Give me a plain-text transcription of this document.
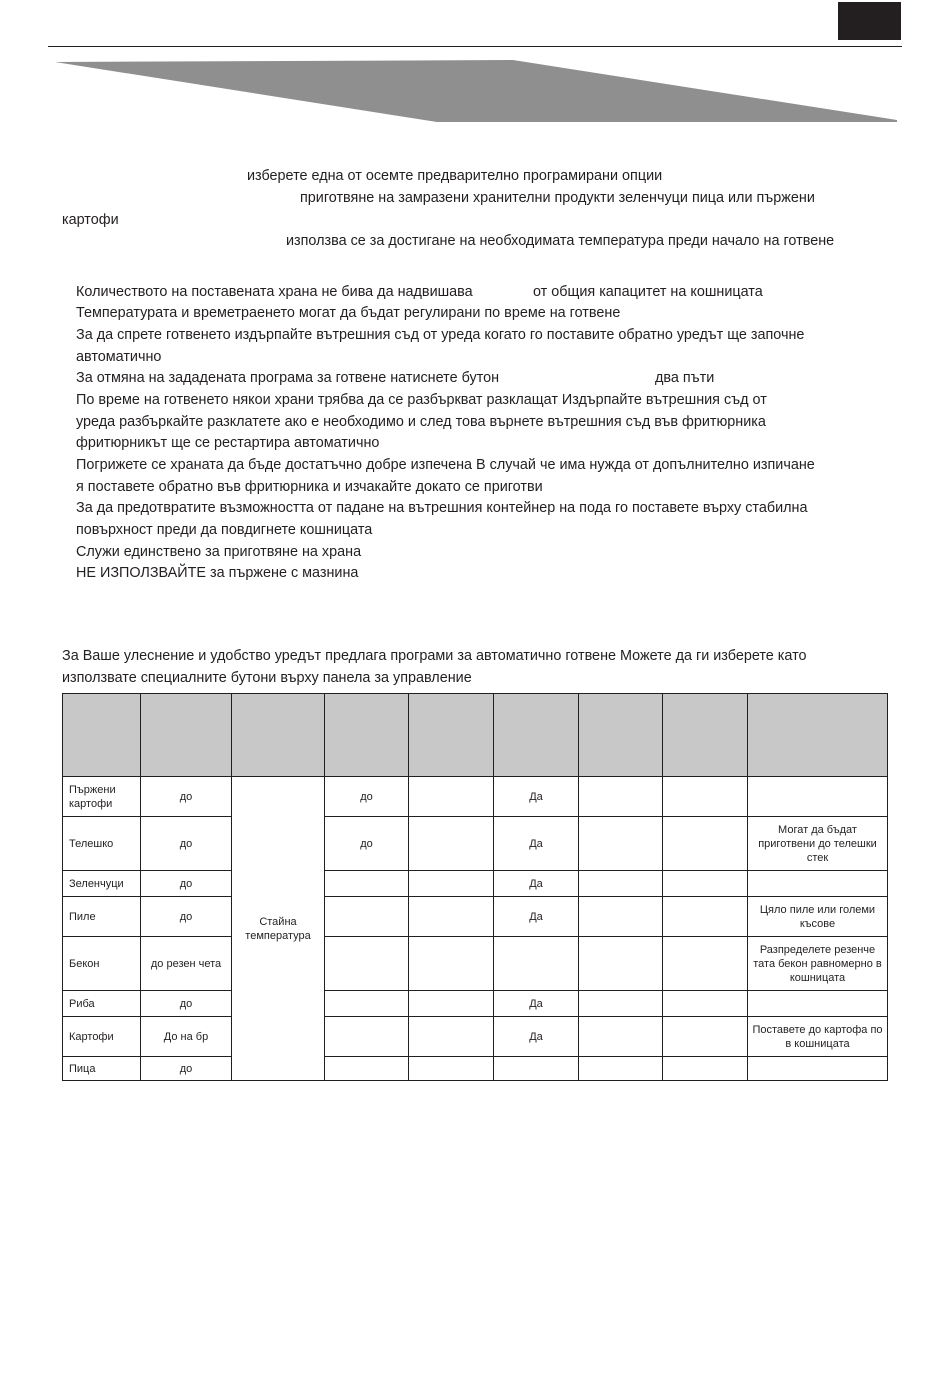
изберете една от осемте предварително програмирани опции
приготвяне на замразени хранителни продукти зеленчуци пица или пържени
картофи
използва се за достигане на необходимата температура преди начало на готвене
Количеството на поставената храна не бива да надвишава	от общия капацитет на кошницата
Температурата и времетраенето могат да бъдат регулирани по време на готвене
За да спрете готвенето издърпайте вътрешния съд от уреда когато го поставите обратно уредът ще започне
автоматично
За отмяна на зададената програма за готвене натиснете бутон	два пъти
По време на готвенето някои храни трябва да се разбъркват разклащат Издърпайте вътрешния съд от
уреда разбъркайте разклатете ако е необходимо и след това върнете вътрешния съд във фритюрника
фритюрникът ще се рестартира автоматично
Погрижете се храната да бъде достатъчно добре изпечена В случай че има нужда от допълнително изпичане
я поставете обратно във фритюрника и изчакайте докато се приготви
За да предотвратите възможността от падане на вътрешния контейнер на пода го поставете върху стабилна
повърхност преди да повдигнете кошницата
Служи единствено за приготвяне на храна
НЕ ИЗПОЛЗВАЙТЕ за пържене с мазнина
За Ваше улеснение и удобство уредът предлага програми за автоматично готвене Можете да ги изберете като
използвате специалните бутони върху панела за управление

Пържени картофи	до	Стайна температура	до		Да			
Телешко	до		до		Да			Могат да бъдат приготвени до телешки стек
Зеленчуци	до				Да			
Пиле	до				Да			Цяло пиле или големи късове
Бекон	до резен чета							Разпределете резенче тата бекон равномерно в кошницата
Риба	до				Да			
Картофи	До на бр				Да			Поставете до картофа по в кошницата
Пица	до							
